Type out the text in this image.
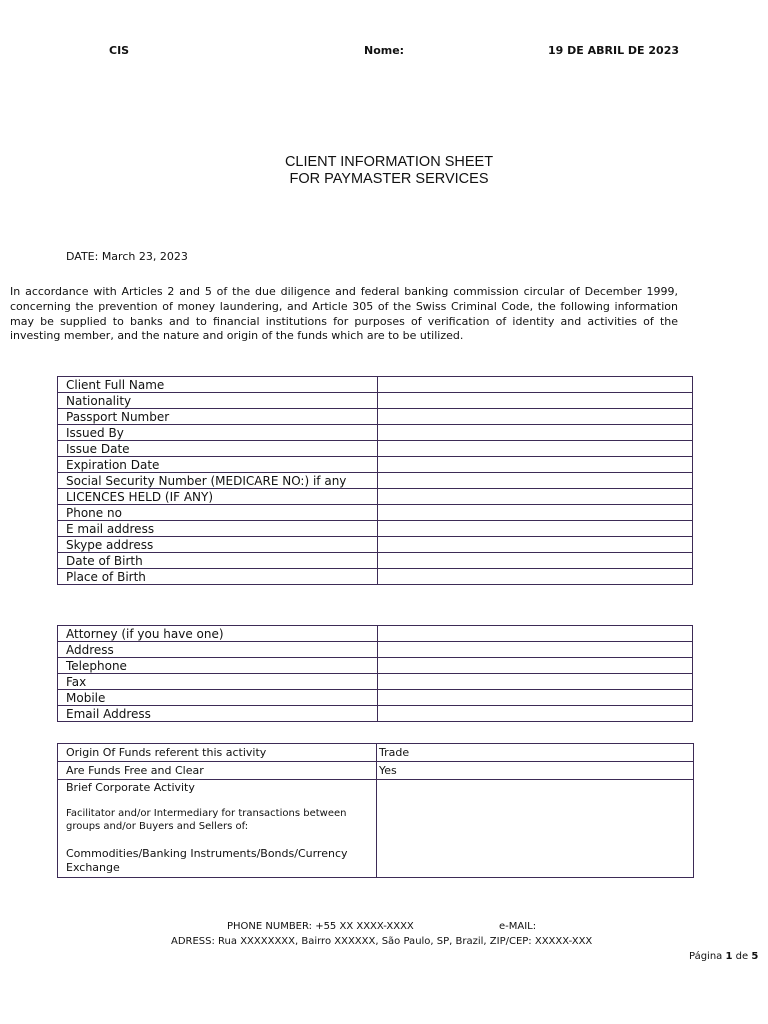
CIS	Nome:	19 DE ABRIL DE 2023
CLIENT INFORMATION SHEET
FOR PAYMASTER SERVICES
DATE: March 23, 2023
In accordance with Articles 2 and 5 of the due diligence and federal banking commission circular of December 1999, concerning the prevention of money laundering, and Article 305 of the Swiss Criminal Code, the following information may be supplied to banks and to financial institutions for purposes of verification of identity and activities of the investing member, and the nature and origin of the funds which are to be utilized.
Client Full Name	
Nationality	
Passport Number	
Issued By	
Issue Date	
Expiration Date	
Social Security Number (MEDICARE NO:) if any	
LICENCES HELD (IF ANY)	
Phone no	
E mail address	
Skype address	
Date of Birth	
Place of Birth	
Attorney (if you have one)	
Address	
Telephone	
Fax	
Mobile	
Email Address	
Origin Of Funds referent this activity	Trade
Are Funds Free and Clear	Yes

Brief Corporate Activity
Facilitator and/or Intermediary for transactions between groups and/or Buyers and Sellers of:
Commodities/Banking Instruments/Bonds/Currency Exchange	

PHONE NUMBER: +55 XX XXXX-XXXX	e-MAIL:
ADRESS: Rua XXXXXXXX, Bairro XXXXXX, São Paulo, SP, Brazil, ZIP/CEP: XXXXX-XXX
Página 1 de 5
